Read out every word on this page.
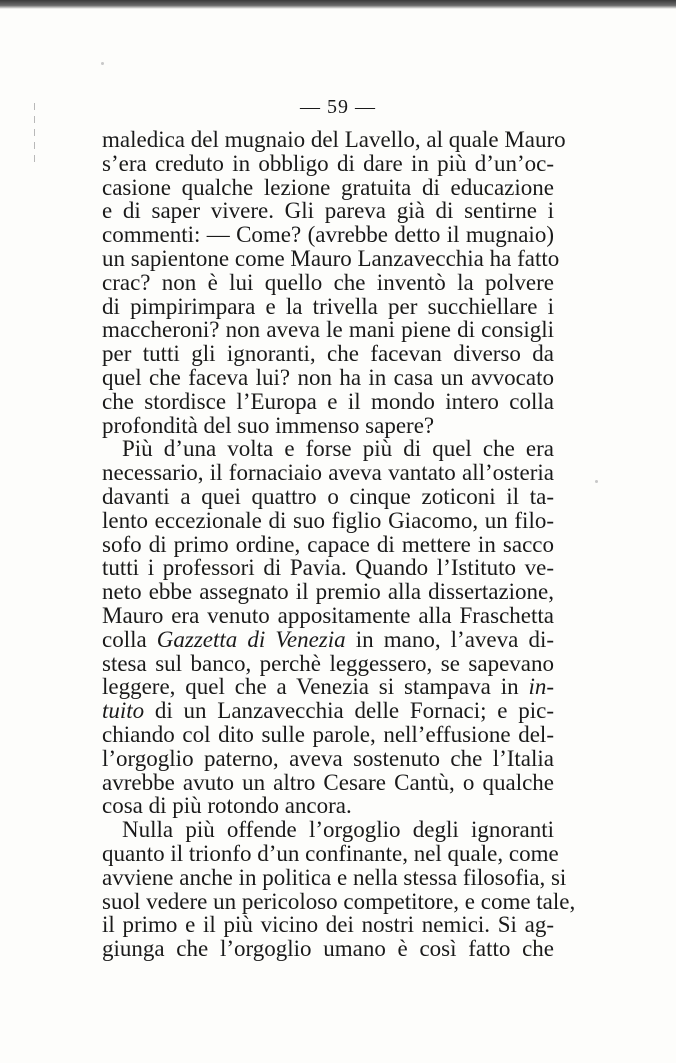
— 59 —
maledica del mugnaio del Lavello, al quale Mauro
s’era creduto in obbligo di dare in più d’un’oc-
casione qualche lezione gratuita di educazione
e di saper vivere. Gli pareva già di sentirne i
commenti: — Come? (avrebbe detto il mugnaio)
un sapientone come Mauro Lanzavecchia ha fatto
crac? non è lui quello che inventò la polvere
di pimpirimpara e la trivella per succhiellare i
maccheroni? non aveva le mani piene di consigli
per tutti gli ignoranti, che facevan diverso da
quel che faceva lui? non ha in casa un avvocato
che stordisce l’Europa e il mondo intero colla
profondità del suo immenso sapere?
Più d’una volta e forse più di quel che era
necessario, il fornaciaio aveva vantato all’osteria
davanti a quei quattro o cinque zoticoni il ta-
lento eccezionale di suo figlio Giacomo, un filo-
sofo di primo ordine, capace di mettere in sacco
tutti i professori di Pavia. Quando l’Istituto ve-
neto ebbe assegnato il premio alla dissertazione,
Mauro era venuto appositamente alla Fraschetta
colla Gazzetta di Venezia in mano, l’aveva di-
stesa sul banco, perchè leggessero, se sapevano
leggere, quel che a Venezia si stampava in in-
tuito di un Lanzavecchia delle Fornaci; e pic-
chiando col dito sulle parole, nell’effusione del-
l’orgoglio paterno, aveva sostenuto che l’Italia
avrebbe avuto un altro Cesare Cantù, o qualche
cosa di più rotondo ancora.
Nulla più offende l’orgoglio degli ignoranti
quanto il trionfo d’un confinante, nel quale, come
avviene anche in politica e nella stessa filosofia, si
suol vedere un pericoloso competitore, e come tale,
il primo e il più vicino dei nostri nemici. Si ag-
giunga che l’orgoglio umano è così fatto che
